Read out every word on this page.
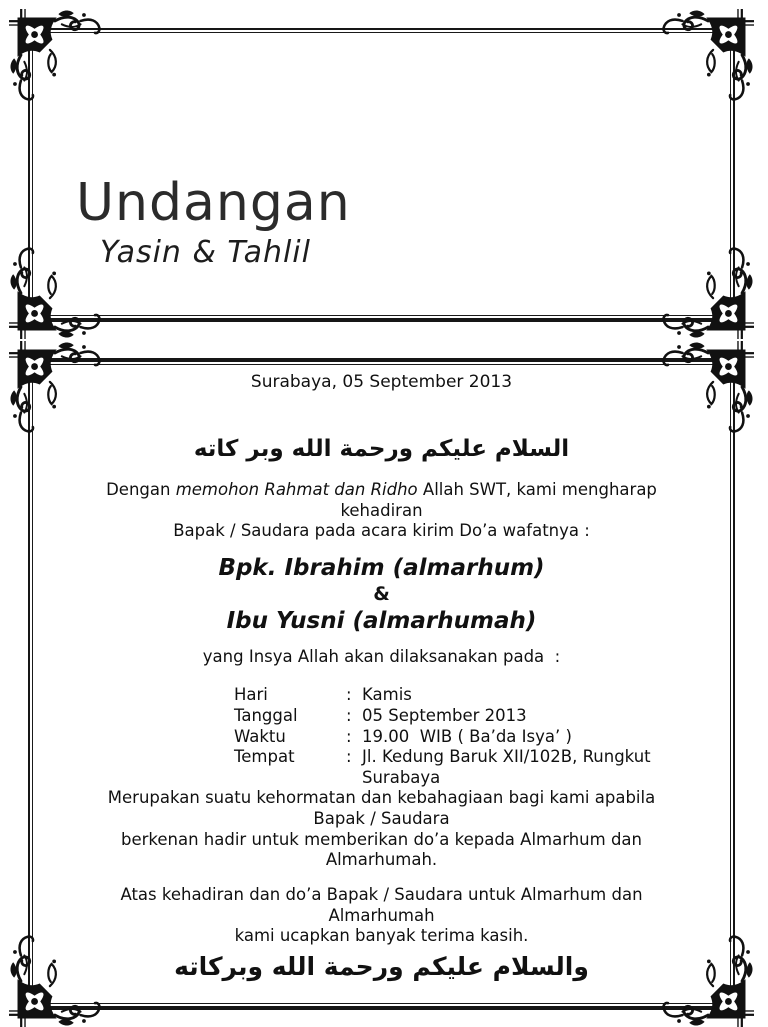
Undangan
Yasin & Tahlil
Surabaya, 05 September 2013
السلام عليكم ورحمة الله وبر كاته
Dengan memohon Rahmat dan Ridho Allah SWT, kami mengharap
kehadiran
Bapak / Saudara pada acara kirim Do’a wafatnya :
Bpk. Ibrahim (almarhum)
&
Ibu Yusni (almarhumah)
yang Insya Allah akan dilaksanakan pada  :
Hari	: Kamis
Tanggal	: 05 September 2013
Waktu	: 19.00  WIB ( Ba’da Isya’ )
Tempat	: Jl. Kedung Baruk XII/102B, Rungkut Surabaya
Merupakan suatu kehormatan dan kebahagiaan bagi kami apabila
Bapak / Saudara
berkenan hadir untuk memberikan do’a kepada Almarhum dan
Almarhumah.
Atas kehadiran dan do’a Bapak / Saudara untuk Almarhum dan
Almarhumah
kami ucapkan banyak terima kasih.
والسلام عليكم ورحمة الله وبركاته
